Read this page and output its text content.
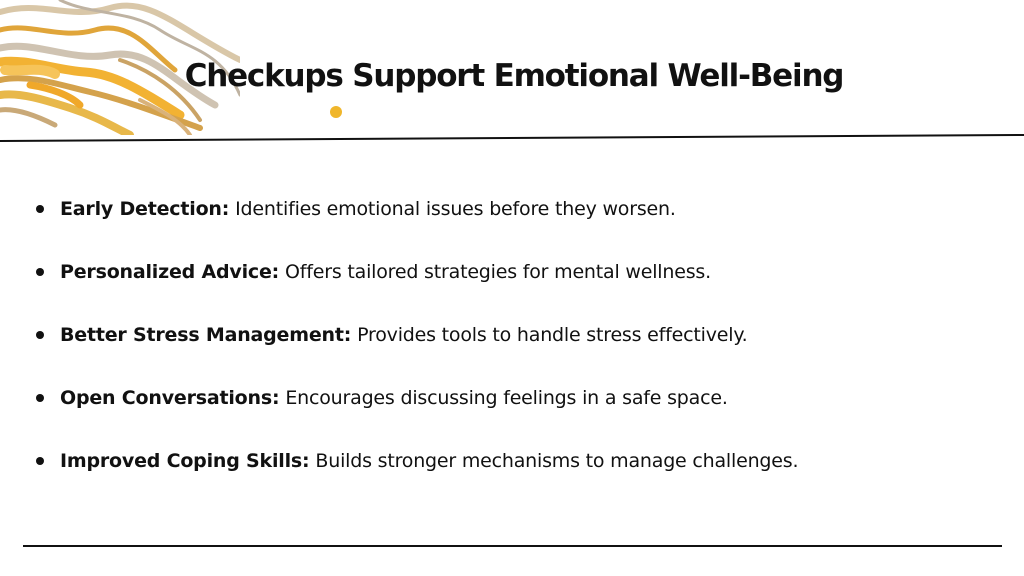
Checkups Support Emotional Well-Being
Early Detection: Identifies emotional issues before they worsen.
Personalized Advice: Offers tailored strategies for mental wellness.
Better Stress Management: Provides tools to handle stress effectively.
Open Conversations: Encourages discussing feelings in a safe space.
Improved Coping Skills: Builds stronger mechanisms to manage challenges.
